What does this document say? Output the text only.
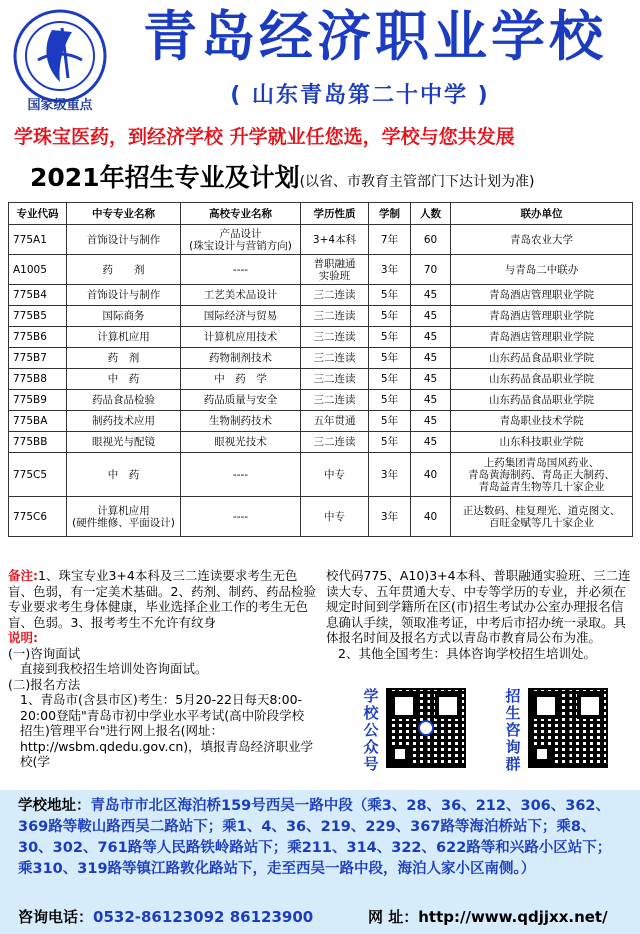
国家级重点
青岛经济职业学校
( 山东青岛第二十中学 )
学珠宝医药，到经济学校 升学就业任您选，学校与您共发展
2021年招生专业及计划(以省、市教育主管部门下达计划为准)
专业代码	中专专业名称	高校专业名称	学历性质	学制	人数	联办单位
775A1	首饰设计与制作	产品设计
(珠宝设计与营销方向)	3+4本科	7年	60	青岛农业大学
A1005	药　　剂	----	普职融通
实验班	3年	70	与青岛二中联办
775B4	首饰设计与制作	工艺美术品设计	三二连读	5年	45	青岛酒店管理职业学院
775B5	国际商务	国际经济与贸易	三二连读	5年	45	青岛酒店管理职业学院
775B6	计算机应用	计算机应用技术	三二连读	5年	45	青岛酒店管理职业学院
775B7	药　剂	药物制剂技术	三二连读	5年	45	山东药品食品职业学院
775B8	中　药	中　药　学	三二连读	5年	45	山东药品食品职业学院
775B9	药品食品检验	药品质量与安全	三二连读	5年	45	山东药品食品职业学院
775BA	制药技术应用	生物制药技术	五年贯通	5年	45	青岛职业技术学院
775BB	眼视光与配镜	眼视光技术	三二连读	5年	45	山东科技职业学院
775C5	中　药	----	中专	3年	40	上药集团青岛国风药业、
青岛黄海制药、青岛正大制药、
青岛益青生物等几十家企业
775C6	计算机应用
(硬件维修、平面设计)	----	中专	3年	40	正达数码、桂复理光、道克图文、
百旺金赋等几十家企业
备注:1、珠宝专业3+4本科及三二连读要求考生无色盲、色弱，有一定美术基础。2、药剂、制药、药品检验专业要求考生身体健康，毕业选择企业工作的考生无色盲、色弱。3、报考考生不允许有纹身
说明:
(一)咨询面试
直接到我校招生培训处咨询面试。
(二)报名方法
1、青岛市(含县市区)考生：5月20-22日每天8:00-20:00登陆"青岛市初中学业水平考试(高中阶段学校招生)管理平台"进行网上报名(网址：http://wsbm.qdedu.gov.cn)，填报青岛经济职业学校(学
校代码775、A10)3+4本科、普职融通实验班、三二连读大专、五年贯通大专、中专等学历的专业，并必须在规定时间到学籍所在区(市)招生考试办公室办理报名信息确认手续，领取准考证，中考后市招办统一录取。具体报名时间及报名方式以青岛市教育局公布为准。
2、其他全国考生：具体咨询学校招生培训处。
学校公众号
招生咨询群
学校地址：青岛市市北区海泊桥159号西吴一路中段（乘3、28、36、212、306、362、369路等鞍山路西吴二路站下；乘1、4、36、219、229、367路等海泊桥站下；乘8、30、302、761路等人民路铁岭路站下；乘211、314、322、622路等和兴路小区站下；乘310、319路等镇江路敦化路站下，走至西吴一路中段，海泊人家小区南侧。）
咨询电话：0532-86123092 86123900	网 址：http://www.qdjjxx.net/
